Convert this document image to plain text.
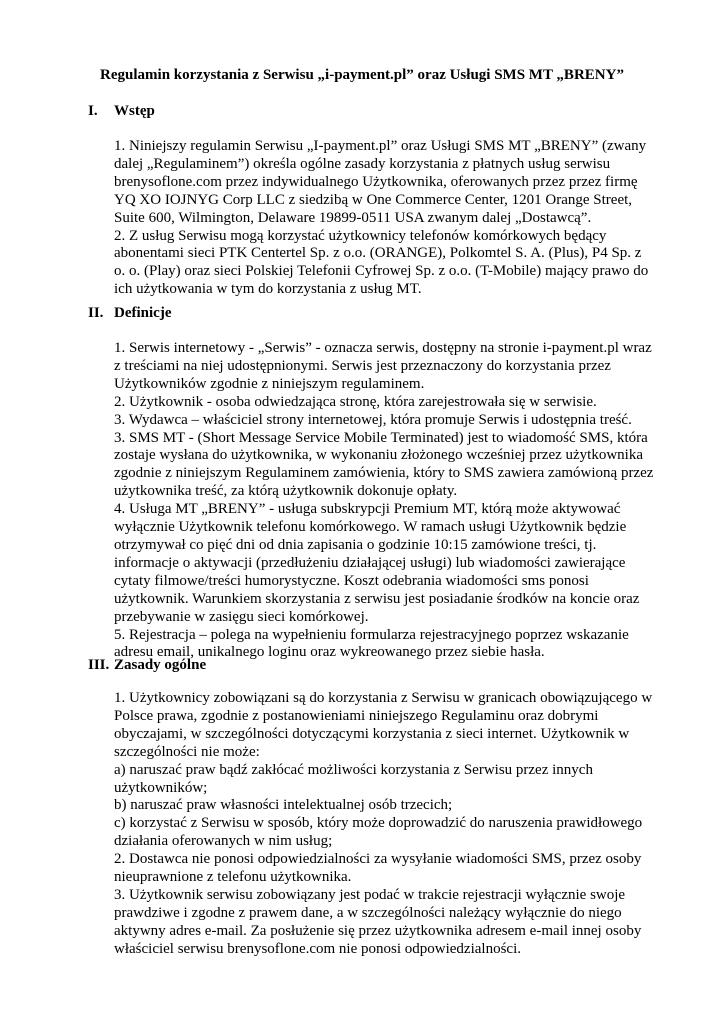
Regulamin korzystania z Serwisu „i-payment.pl” oraz Usługi SMS MT „BRENY”
I. Wstęp
1. Niniejszy regulamin Serwisu „I-payment.pl” oraz Usługi SMS MT „BRENY” (zwany dalej „Regulaminem”) określa ogólne zasady korzystania z płatnych usług serwisu brenysoflone.com przez indywidualnego Użytkownika, oferowanych przez przez firmę YQ XO IOJNYG Corp LLC z siedzibą w One Commerce Center, 1201 Orange Street, Suite 600, Wilmington, Delaware 19899-0511 USA zwanym dalej „Dostawcą”.
2. Z usług Serwisu mogą korzystać użytkownicy telefonów komórkowych będący abonentami sieci PTK Centertel Sp. z o.o. (ORANGE), Polkomtel S. A. (Plus), P4 Sp. z o. o. (Play) oraz sieci Polskiej Telefonii Cyfrowej Sp. z o.o. (T-Mobile) mający prawo do ich użytkowania w tym do korzystania z usług MT.
II. Definicje
1. Serwis internetowy - „Serwis” - oznacza serwis, dostępny na stronie i-payment.pl wraz z treściami na niej udostępnionymi. Serwis jest przeznaczony do korzystania przez Użytkowników zgodnie z niniejszym regulaminem.
2. Użytkownik - osoba odwiedzająca stronę, która zarejestrowała się w serwisie.
3. Wydawca – właściciel strony internetowej, która promuje Serwis i udostępnia treść.
3. SMS MT - (Short Message Service Mobile Terminated) jest to wiadomość SMS, która zostaje wysłana do użytkownika, w wykonaniu złożonego wcześniej przez użytkownika zgodnie z niniejszym Regulaminem zamówienia, który to SMS zawiera zamówioną przez użytkownika treść, za którą użytkownik dokonuje opłaty.
4. Usługa MT „BRENY” - usługa subskrypcji Premium MT, którą może aktywować wyłącznie Użytkownik telefonu komórkowego. W ramach usługi Użytkownik będzie otrzymywał co pięć dni od dnia zapisania o godzinie 10:15 zamówione treści, tj. informacje o aktywacji (przedłużeniu działającej usługi) lub wiadomości zawierające cytaty filmowe/treści humorystyczne. Koszt odebrania wiadomości sms ponosi użytkownik. Warunkiem skorzystania z serwisu jest posiadanie środków na koncie oraz przebywanie w zasięgu sieci komórkowej.
5. Rejestracja – polega na wypełnieniu formularza rejestracyjnego poprzez wskazanie adresu email, unikalnego loginu oraz wykreowanego przez siebie hasła.
III. Zasady ogólne
1. Użytkownicy zobowiązani są do korzystania z Serwisu w granicach obowiązującego w Polsce prawa, zgodnie z postanowieniami niniejszego Regulaminu oraz dobrymi obyczajami, w szczególności dotyczącymi korzystania z sieci internet. Użytkownik w szczególności nie może:
a) naruszać praw bądź zakłócać możliwości korzystania z Serwisu przez innych użytkowników;
b) naruszać praw własności intelektualnej osób trzecich;
c) korzystać z Serwisu w sposób, który może doprowadzić do naruszenia prawidłowego działania oferowanych w nim usług;
2. Dostawca nie ponosi odpowiedzialności za wysyłanie wiadomości SMS, przez osoby nieuprawnione z telefonu użytkownika.
3. Użytkownik serwisu zobowiązany jest podać w trakcie rejestracji wyłącznie swoje prawdziwe i zgodne z prawem dane, a w szczególności należący wyłącznie do niego aktywny adres e-mail. Za posłużenie się przez użytkownika adresem e-mail innej osoby właściciel serwisu brenysoflone.com nie ponosi odpowiedzialności.
